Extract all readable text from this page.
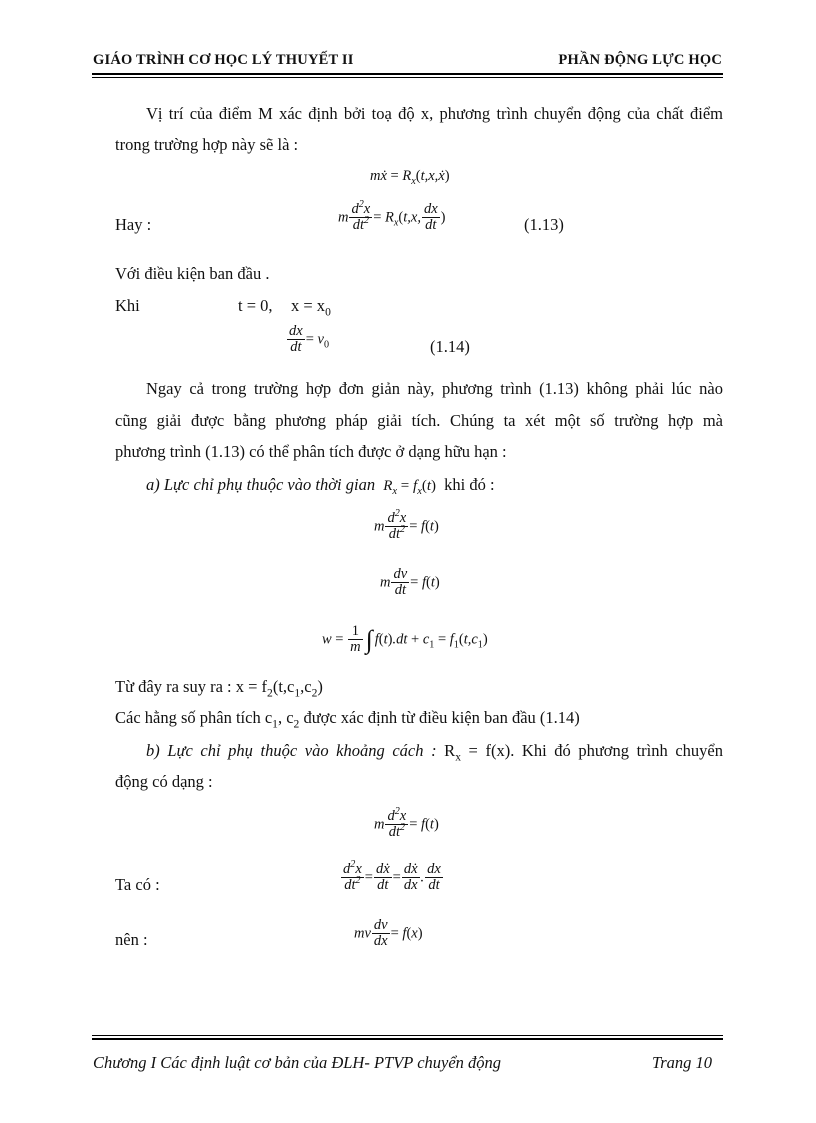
GIÁO TRÌNH CƠ HỌC LÝ THUYẾT II	PHẦN ĐỘNG LỰC HỌC
Vị trí của điểm M xác định bởi toạ độ x, phương trình chuyển động của chất điểm
trong trường hợp này sẽ là :
mẋ = $R_x(t,x,ẋ)$
Hay :	m $\frac{d^2x}{dt^2} = R_x(t,x$, $\frac{dx}{dt}$ )	(1.13)
Với điều kiện ban đầu .
Khi	t = 0, $x = x_0$
$\frac{dx}{dt} = v_0$	(1.14)
Ngay cả trong trường hợp đơn giản này, phương trình (1.13) không phải lúc nào
cũng giải được bằng phương pháp giải tích. Chúng ta xét một số trường hợp mà
phương trình (1.13) có thể phân tích được ở dạng hữu hạn :
a) Lực chỉ phụ thuộc vào thời gian $R_x = f_x(t)$ khi đó :
m $\frac{d^2x}{dt^2} = f(t)$
m $\frac{dv}{dt} = f(t)$
$w = \frac{1}{m}$ ∫ $f(t).dt + c_1 = f_1(t,c_1)$
Từ đây ra suy ra : $x = f_2(t,c_1,c_2)$
Các hằng số phân tích $c_1$, $c_2$ được xác định từ điều kiện ban đầu (1.14)
b) Lực chỉ phụ thuộc vào khoảng cách : $R_x = f(x)$. Khi đó phương trình chuyển
động có dạng :
m $\frac{d^2x}{dt^2} = f(t)$
Ta có :	$\frac{d^2x}{dt^2} = \frac{\text{dẋ}}{dt} = \frac{\text{dẋ}}{dx}$ . $\frac{dx}{dt}$
nên :	mv $\frac{dv}{dx} = f(x)$
Chương I Các định luật cơ bản của ĐLH- PTVP chuyển động	Trang 10
